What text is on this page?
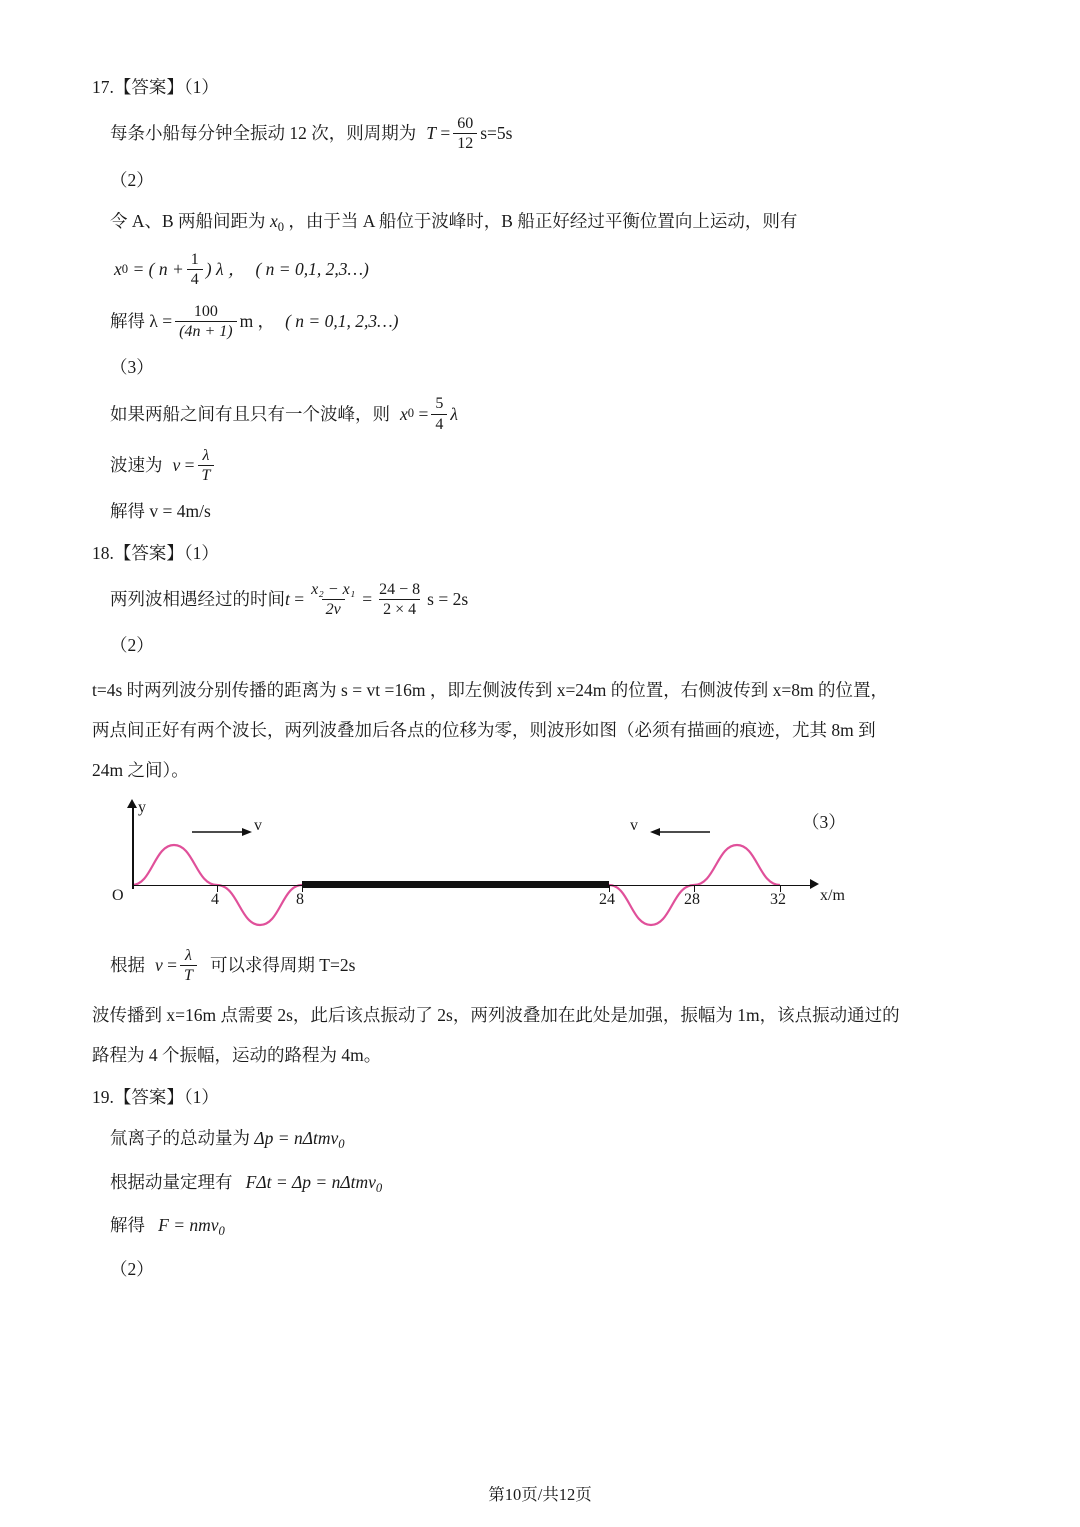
17.【答案】（1）
每条小船每分钟全振动 12 次，则周期为 T
= $\frac{60}{12} s=5s$
（2）
令 A、B 两船间距为 $x_0$ ，由于当 A 船位于波峰时，B 船正好经过平衡位置向上运动，则有
x 0
= ( $n + \frac{1}{4}$ ) λ ， ( n = 0,1, 2,3…)
解得 $\lambda = \frac{100}{(4n + 1)}$ m ， ( n = 0,1, 2,3…)
（3）
如果两船之间有且只有一个波峰，则 x 0
= $\frac{5}{4}$ λ
波速为 v
= $\frac{\lambda}{T}$
解得 v = 4m/s
18.【答案】（1）
两列波相遇经过的时间 t
= $\frac{\text{x₂ − x₁}}{2v} = \frac{24 - 8}{2 \times 4}$ s = 2s
（2）
t=4s 时两列波分别传播的距离为 s = vt =16m ，即左侧波传到 x=24m 的位置，右侧波传到 x=8m 的位置，
两点间正好有两个波长，两列波叠加后各点的位移为零，则波形如图（必须有描画的痕迹，尤其 8m 到
24m 之间）。
y
O	x/m
v	v
4	8	24	28	32
（3）
根据 v
= $\frac{\lambda}{T}$ 可以求得周期 T=2s
波传播到 x=16m 点需要 2s，此后该点振动了 2s，两列波叠加在此处是加强，振幅为 1m，该点振动通过的
路程为 4 个振幅，运动的路程为 4m。
19.【答案】（1）
氚离子的总动量为 Δp = nΔtmv$_0$
根据动量定理有 FΔt = Δp = nΔtmv$_0$
解得 F = nmv$_0$
（2）
第10页/共12页
